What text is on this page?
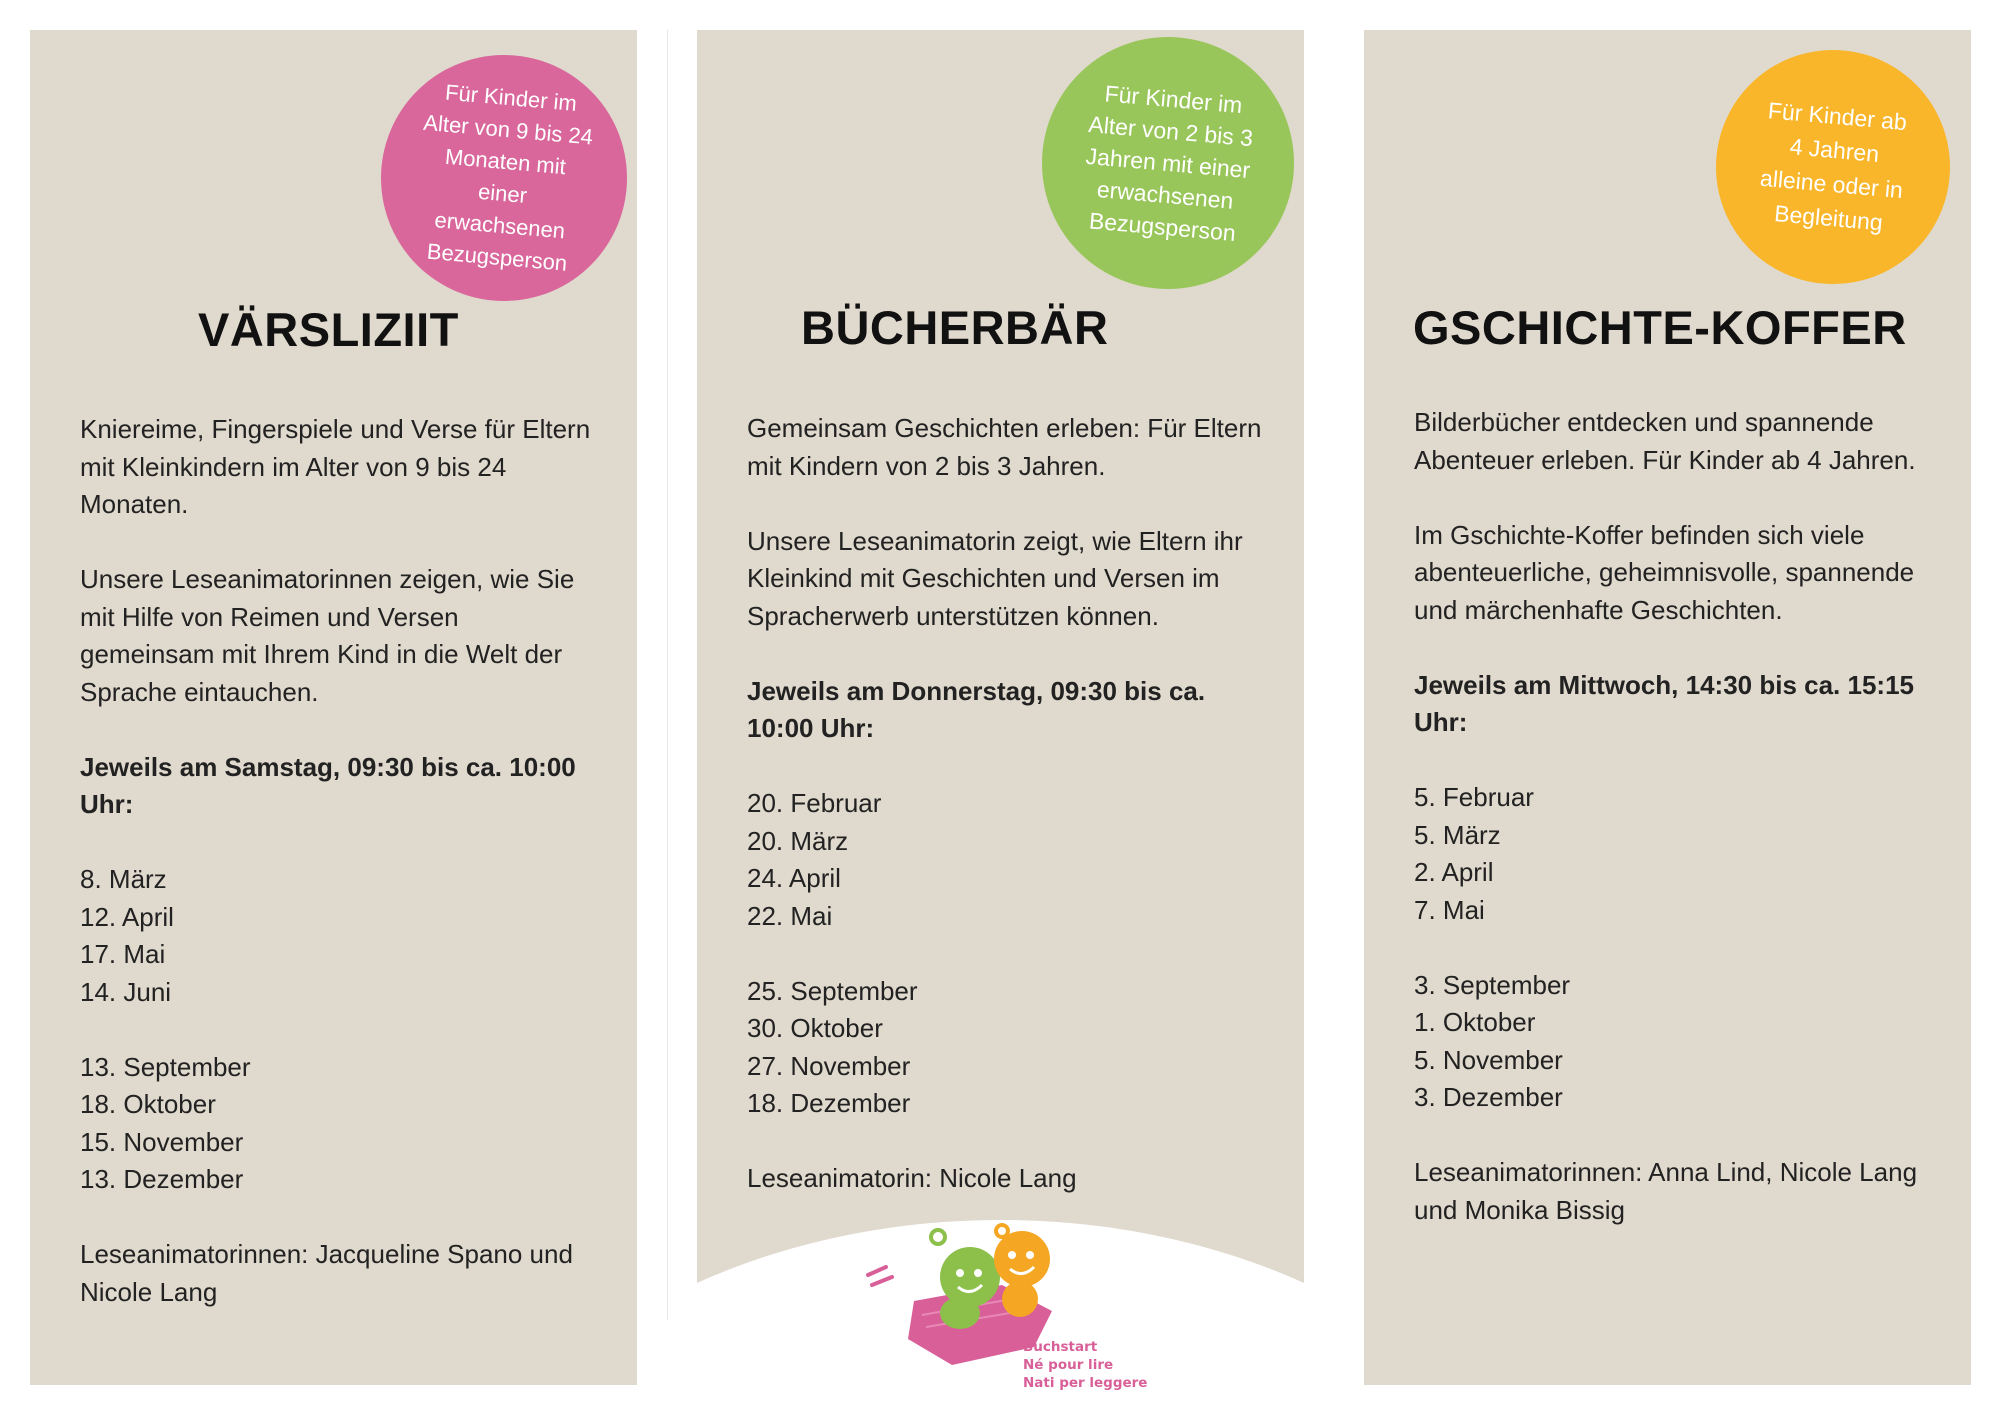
Für Kinder im
Alter von 9 bis 24
Monaten mit
einer
erwachsenen
Bezugsperson
VÄRSLIZIIT

Kniereime, Fingerspiele und Verse für Eltern mit Kleinkindern im Alter von 9 bis 24 Monaten.

Unsere Leseanimatorinnen zeigen, wie Sie mit Hilfe von Reimen und Versen gemeinsam mit Ihrem Kind in die Welt der Sprache eintauchen.

Jeweils am Samstag, 09:30 bis ca. 10:00 Uhr:

8. März
12. April
17. Mai
14. Juni
13. September
18. Oktober
15. November
13. Dezember

Leseanimatorinnen: Jacqueline Spano und Nicole Lang

Für Kinder im
Alter von 2 bis 3
Jahren mit einer
erwachsenen
Bezugsperson
BÜCHERBÄR

Gemeinsam Geschichten erleben: Für Eltern mit Kindern von 2 bis 3 Jahren.

Unsere Leseanimatorin zeigt, wie Eltern ihr Kleinkind mit Geschichten und Versen im Spracherwerb unterstützen können.

Jeweils am Donnerstag, 09:30 bis ca. 10:00 Uhr:

20. Februar
20. März
24. April
22. Mai
25. September
30. Oktober
27. November
18. Dezember

Leseanimatorin: Nicole Lang

Für Kinder ab
4 Jahren
alleine oder in
Begleitung
GSCHICHTE-KOFFER

Bilderbücher entdecken und spannende Abenteuer erleben. Für Kinder ab 4 Jahren.

Im Gschichte-Koffer befinden sich viele abenteuerliche, geheimnisvolle, spannende und märchenhafte Geschichten.

Jeweils am Mittwoch, 14:30 bis ca. 15:15 Uhr:

5. Februar
5. März
2. April
7. Mai
3. September
1. Oktober
5. November
3. Dezember

Leseanimatorinnen: Anna Lind, Nicole Lang und Monika Bissig

Buchstart
Né pour lire
Nati per leggere
